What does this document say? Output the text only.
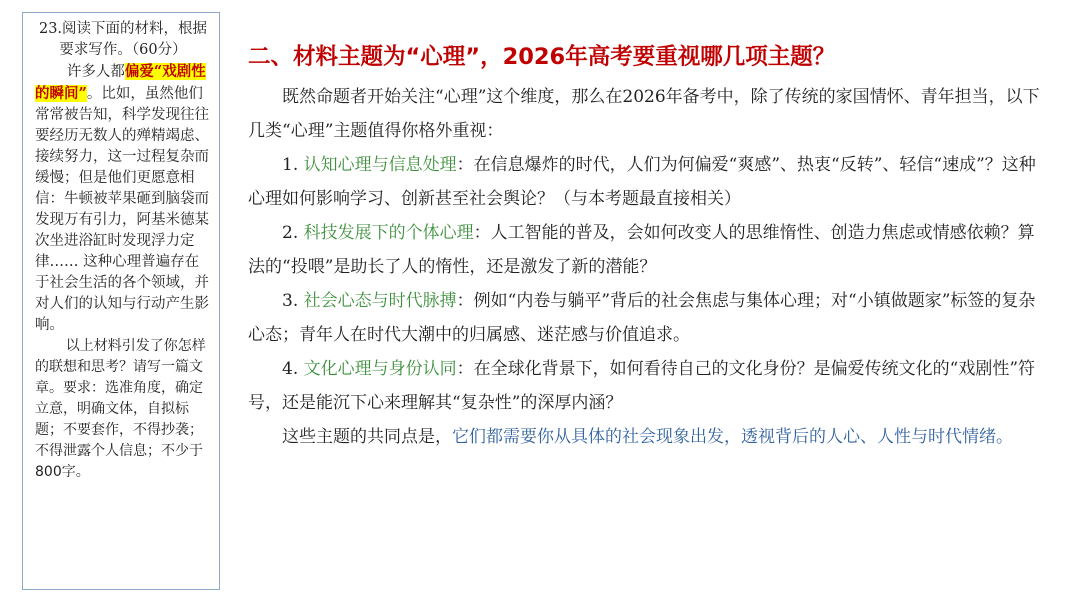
23.阅读下面的材料，根据要求写作。（60分）

许多人都偏爱“戏剧性的瞬间”。比如，虽然他们常常被告知，科学发现往往要经历无数人的殚精竭虑、接续努力，这一过程复杂而缓慢；但是他们更愿意相信：牛顿被苹果砸到脑袋而发现万有引力，阿基米德某次坐进浴缸时发现浮力定律…… 这种心理普遍存在于社会生活的各个领域，并对人们的认知与行动产生影响。

以上材料引发了你怎样的联想和思考？请写一篇文章。要求：选准角度，确定立意，明确文体，自拟标题；不要套作，不得抄袭；不得泄露个人信息；不少于800字。

二、材料主题为“心理”，2026年高考要重视哪几项主题？

既然命题者开始关注“心理”这个维度，那么在2026年备考中，除了传统的家国情怀、青年担当，以下几类“心理”主题值得你格外重视：

1. 认知心理与信息处理：在信息爆炸的时代，人们为何偏爱“爽感”、热衷“反转”、轻信“速成”？这种心理如何影响学习、创新甚至社会舆论？（与本考题最直接相关）

2. 科技发展下的个体心理：人工智能的普及，会如何改变人的思维惰性、创造力焦虑或情感依赖？算法的“投喂”是助长了人的惰性，还是激发了新的潜能？

3. 社会心态与时代脉搏：例如“内卷与躺平”背后的社会焦虑与集体心理；对“小镇做题家”标签的复杂心态；青年人在时代大潮中的归属感、迷茫感与价值追求。

4. 文化心理与身份认同：在全球化背景下，如何看待自己的文化身份？是偏爱传统文化的“戏剧性”符号，还是能沉下心来理解其“复杂性”的深厚内涵？

这些主题的共同点是，它们都需要你从具体的社会现象出发，透视背后的人心、人性与时代情绪。
